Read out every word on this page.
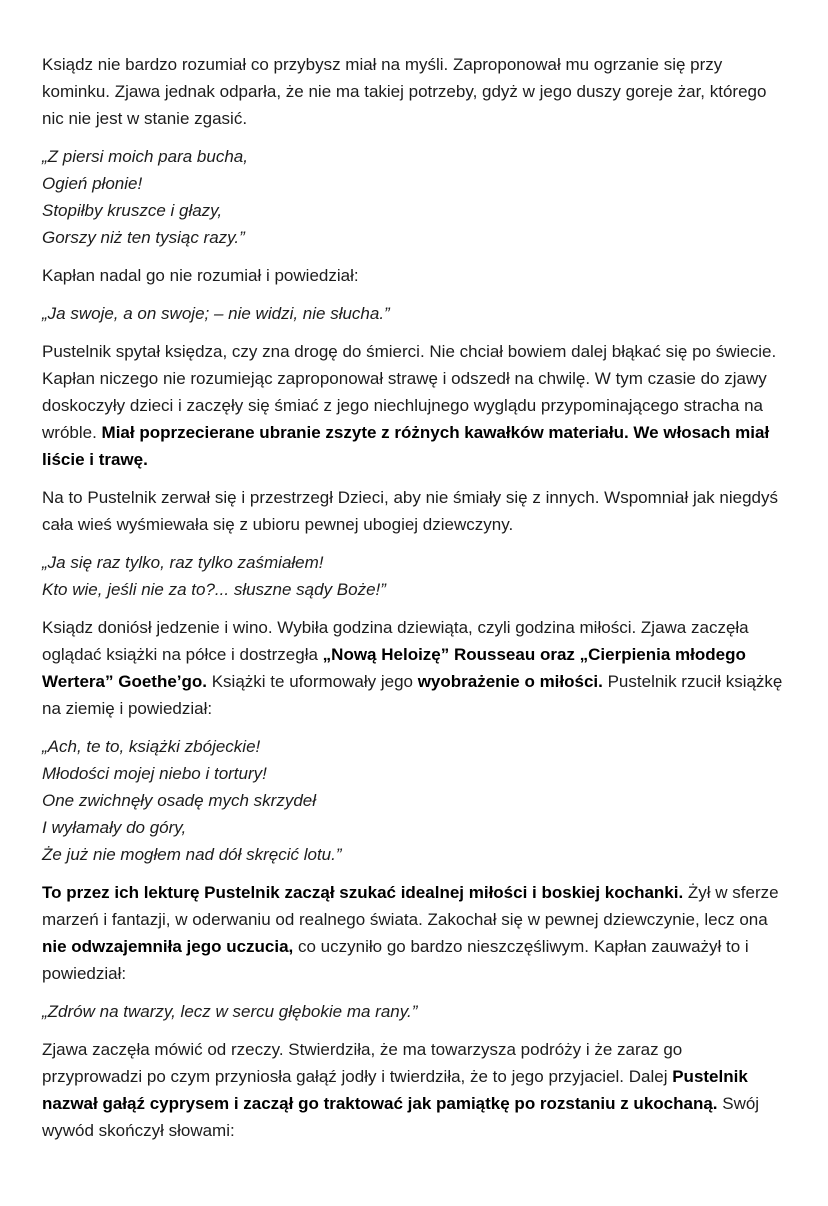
Ksiądz nie bardzo rozumiał co przybysz miał na myśli. Zaproponował mu ogrzanie się przy kominku. Zjawa jednak odparła, że nie ma takiej potrzeby, gdyż w jego duszy goreje żar, którego nic nie jest w stanie zgasić.

„Z piersi moich para bucha,
Ogień płonie!
Stopiłby kruszce i głazy,
Gorszy niż ten tysiąc razy.”

Kapłan nadal go nie rozumiał i powiedział:

„Ja swoje, a on swoje; – nie widzi, nie słucha.”

Pustelnik spytał księdza, czy zna drogę do śmierci. Nie chciał bowiem dalej błąkać się po świecie. Kapłan niczego nie rozumiejąc zaproponował strawę i odszedł na chwilę. W tym czasie do zjawy doskoczyły dzieci i zaczęły się śmiać z jego niechlujnego wyglądu przypominającego stracha na wróble. Miał poprzecierane ubranie zszyte z różnych kawałków materiału. We włosach miał liście i trawę.

Na to Pustelnik zerwał się i przestrzegł Dzieci, aby nie śmiały się z innych. Wspomniał jak niegdyś cała wieś wyśmiewała się z ubioru pewnej ubogiej dziewczyny.

„Ja się raz tylko, raz tylko zaśmiałem!
Kto wie, jeśli nie za to?... słuszne sądy Boże!”

Ksiądz doniósł jedzenie i wino. Wybiła godzina dziewiąta, czyli godzina miłości. Zjawa zaczęła oglądać książki na półce i dostrzegła „Nową Heloizę” Rousseau oraz „Cierpienia młodego Wertera” Goethe’go. Książki te uformowały jego wyobrażenie o miłości. Pustelnik rzucił książkę na ziemię i powiedział:

„Ach, te to, książki zbójeckie!
Młodości mojej niebo i tortury!
One zwichnęły osadę mych skrzydeł
I wyłamały do góry,
Że już nie mogłem nad dół skręcić lotu.”

To przez ich lekturę Pustelnik zaczął szukać idealnej miłości i boskiej kochanki. Żył w sferze marzeń i fantazji, w oderwaniu od realnego świata. Zakochał się w pewnej dziewczynie, lecz ona nie odwzajemniła jego uczucia, co uczyniło go bardzo nieszczęśliwym. Kapłan zauważył to i powiedział:

„Zdrów na twarzy, lecz w sercu głębokie ma rany.”

Zjawa zaczęła mówić od rzeczy. Stwierdziła, że ma towarzysza podróży i że zaraz go przyprowadzi po czym przyniosła gałąź jodły i twierdziła, że to jego przyjaciel. Dalej Pustelnik nazwał gałąź cyprysem i zaczął go traktować jak pamiątkę po rozstaniu z ukochaną. Swój wywód skończył słowami:
